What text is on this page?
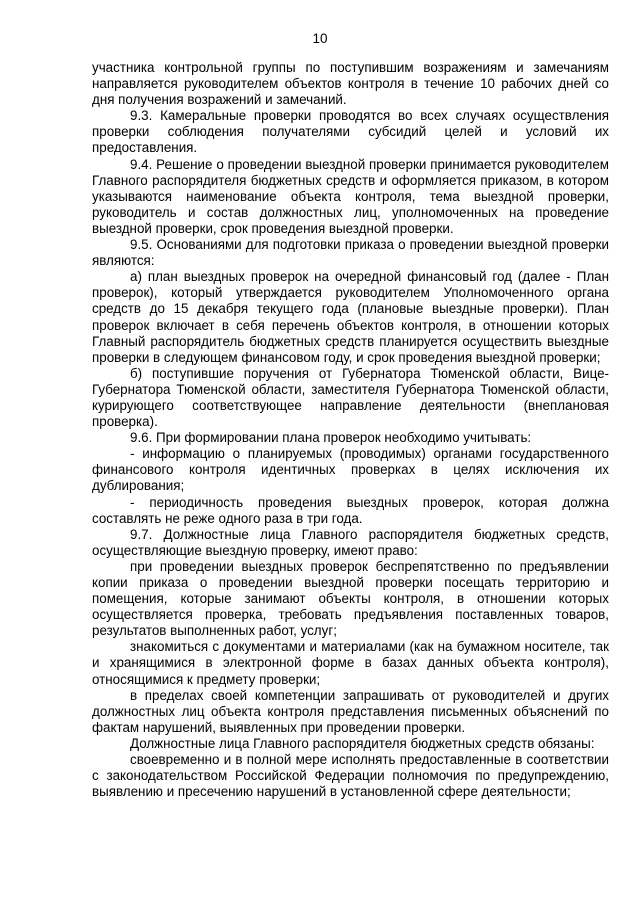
10

участника контрольной группы по поступившим возражениям и замечаниям направляется руководителем объектов контроля в течение 10 рабочих дней со дня получения возражений и замечаний.

9.3. Камеральные проверки проводятся во всех случаях осуществления проверки соблюдения получателями субсидий целей и условий их предоставления.

9.4. Решение о проведении выездной проверки принимается руководителем Главного распорядителя бюджетных средств и оформляется приказом, в котором указываются наименование объекта контроля, тема выездной проверки, руководитель и состав должностных лиц, уполномоченных на проведение выездной проверки, срок проведения выездной проверки.

9.5. Основаниями для подготовки приказа о проведении выездной проверки являются:

а) план выездных проверок на очередной финансовый год (далее - План проверок), который утверждается руководителем Уполномоченного органа средств до 15 декабря текущего года (плановые выездные проверки). План проверок включает в себя перечень объектов контроля, в отношении которых Главный распорядитель бюджетных средств планируется осуществить выездные проверки в следующем финансовом году, и срок проведения выездной проверки;

б) поступившие поручения от Губернатора Тюменской области, Вице-Губернатора Тюменской области, заместителя Губернатора Тюменской области, курирующего соответствующее направление деятельности (внеплановая проверка).

9.6. При формировании плана проверок необходимо учитывать:

- информацию о планируемых (проводимых) органами государственного финансового контроля идентичных проверках в целях исключения их дублирования;

- периодичность проведения выездных проверок, которая должна составлять не реже одного раза в три года.

9.7. Должностные лица Главного распорядителя бюджетных средств, осуществляющие выездную проверку, имеют право:

при проведении выездных проверок беспрепятственно по предъявлении копии приказа о проведении выездной проверки посещать территорию и помещения, которые занимают объекты контроля, в отношении которых осуществляется проверка, требовать предъявления поставленных товаров, результатов выполненных работ, услуг;

знакомиться с документами и материалами (как на бумажном носителе, так и хранящимися в электронной форме в базах данных объекта контроля), относящимися к предмету проверки;

в пределах своей компетенции запрашивать от руководителей и других должностных лиц объекта контроля представления письменных объяснений по фактам нарушений, выявленных при проведении проверки.

Должностные лица Главного распорядителя бюджетных средств обязаны:

своевременно и в полной мере исполнять предоставленные в соответствии с законодательством Российской Федерации полномочия по предупреждению, выявлению и пресечению нарушений в установленной сфере деятельности;
